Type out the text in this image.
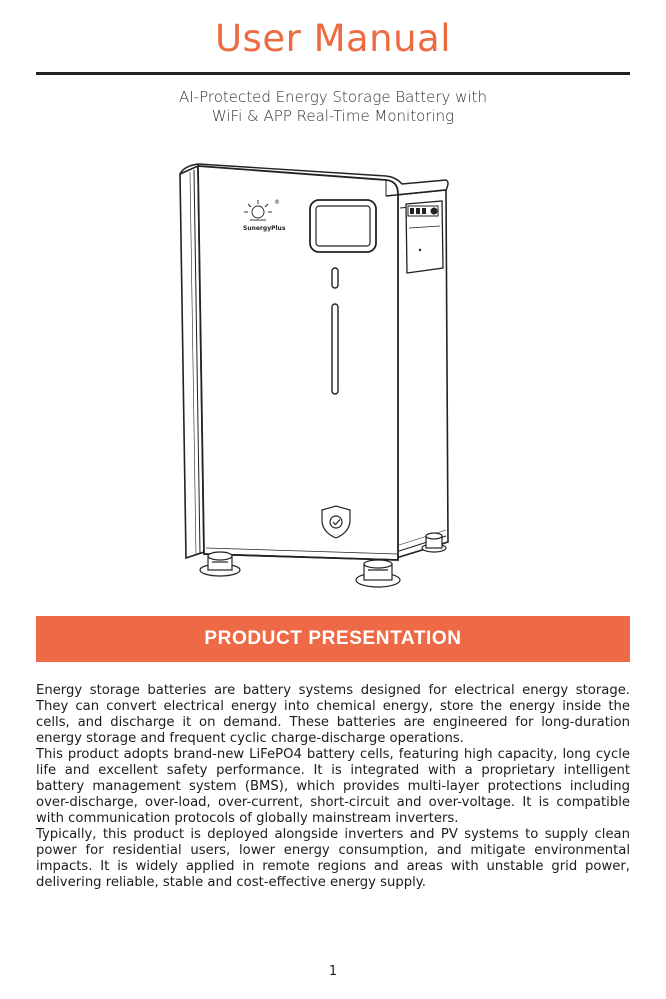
User Manual
AI-Protected Energy Storage Battery with
WiFi & APP Real-Time Monitoring
SunergyPlus
®
PRODUCT PRESENTATION

Energy storage batteries are battery systems designed for electrical energy storage. They can convert electrical energy into chemical energy, store the energy inside the cells, and discharge it on demand. These batteries are engineered for long-duration energy storage and frequent cyclic charge-discharge operations.

This product adopts brand-new LiFePO4 battery cells, featuring high capacity, long cycle life and excellent safety performance. It is integrated with a proprietary intelligent battery management system (BMS), which provides multi-layer protections including over-discharge, over-load, over-current, short-circuit and over-voltage. It is compatible with communication protocols of globally mainstream inverters.

Typically, this product is deployed alongside inverters and PV systems to supply clean power for residential users, lower energy consumption, and mitigate environmental impacts. It is widely applied in remote regions and areas with unstable grid power, delivering reliable, stable and cost-effective energy supply.

1
